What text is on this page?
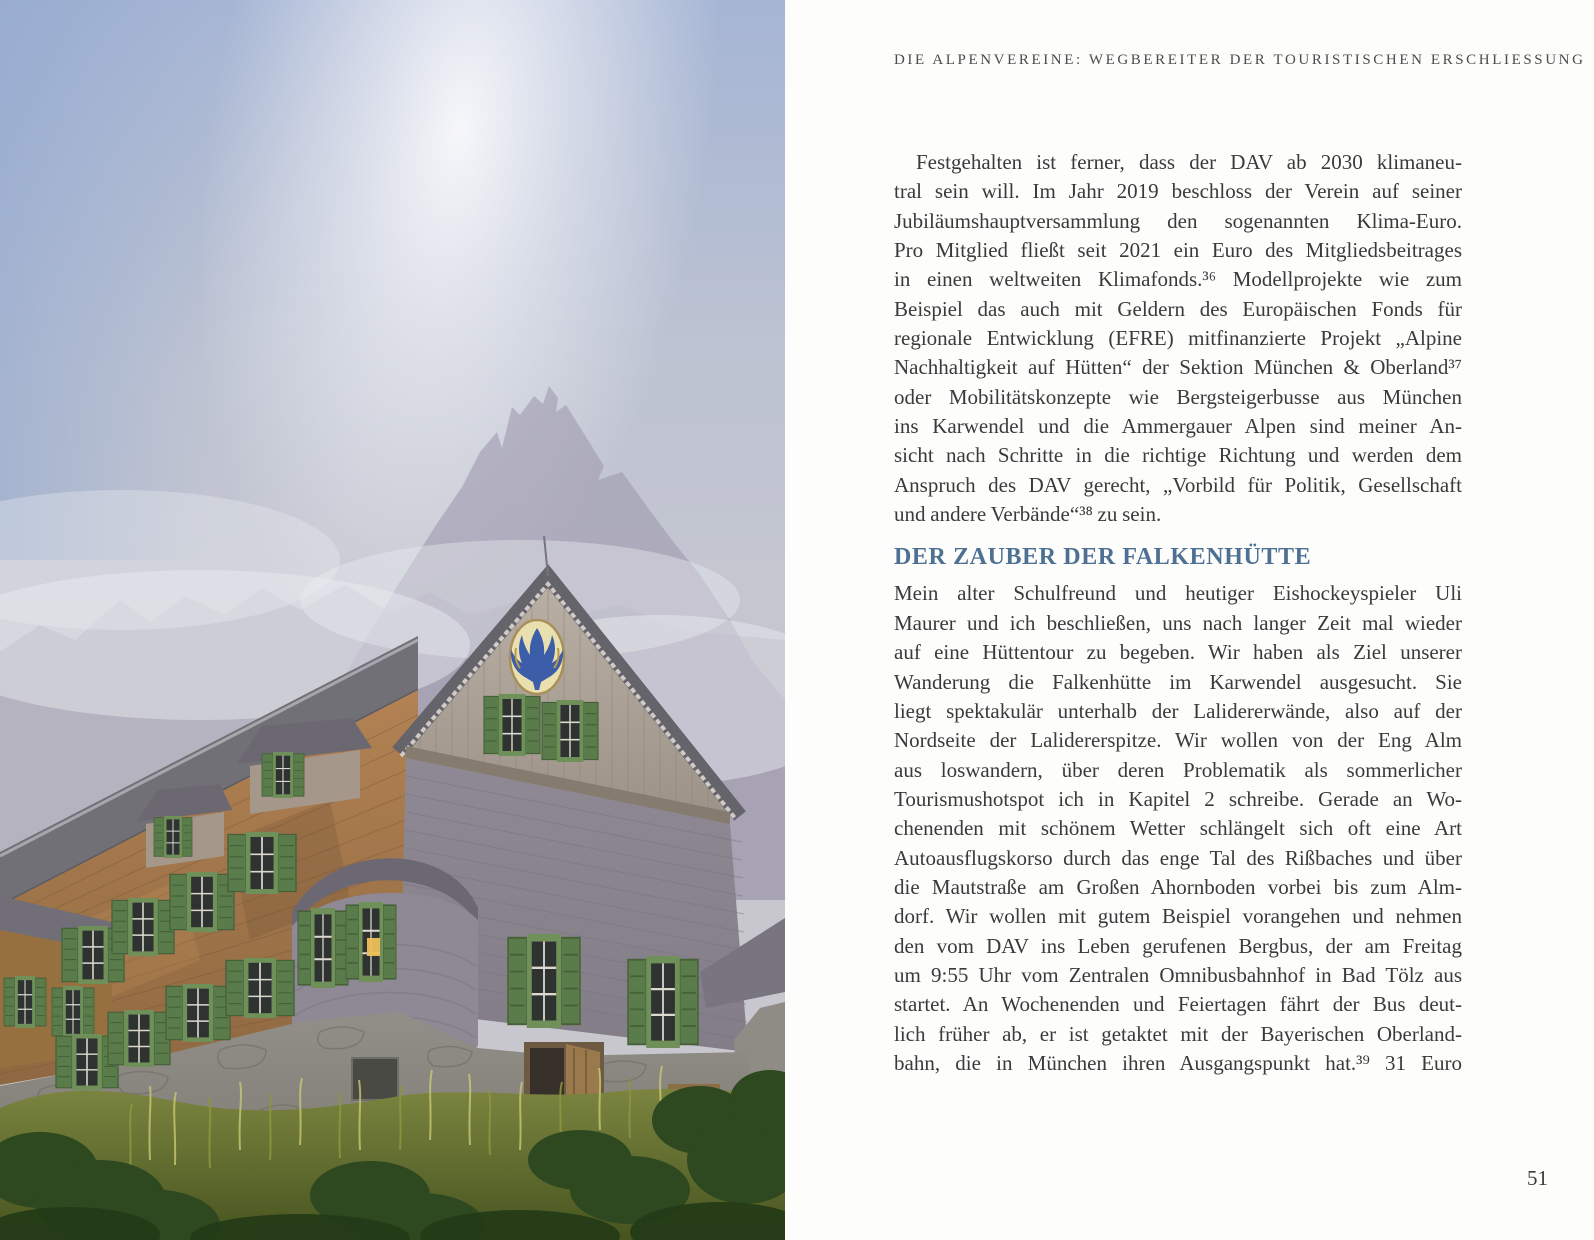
DIE ALPENVEREINE: WEGBEREITER DER TOURISTISCHEN ERSCHLIESSUNG
Festgehalten ist ferner, dass der DAV ab 2030 klimaneu-
tral sein will. Im Jahr 2019 beschloss der Verein auf seiner
Jubiläumshauptversammlung den sogenannten Klima-Euro.
Pro Mitglied fließt seit 2021 ein Euro des Mitgliedsbeitrages
in einen weltweiten Klimafonds.³⁶ Modellprojekte wie zum
Beispiel das auch mit Geldern des Europäischen Fonds für
regionale Entwicklung (EFRE) mitfinanzierte Projekt „Alpine
Nachhaltigkeit auf Hütten“ der Sektion München & Oberland³⁷
oder Mobilitätskonzepte wie Bergsteigerbusse aus München
ins Karwendel und die Ammergauer Alpen sind meiner An-
sicht nach Schritte in die richtige Richtung und werden dem
Anspruch des DAV gerecht, „Vorbild für Politik, Gesellschaft
und andere Verbände“³⁸ zu sein.
DER ZAUBER DER FALKENHÜTTE
Mein alter Schulfreund und heutiger Eishockeyspieler Uli
Maurer und ich beschließen, uns nach langer Zeit mal wieder
auf eine Hüttentour zu begeben. Wir haben als Ziel unserer
Wanderung die Falkenhütte im Karwendel ausgesucht. Sie
liegt spektakulär unterhalb der Lalidererwände, also auf der
Nordseite der Lalidererspitze. Wir wollen von der Eng Alm
aus loswandern, über deren Problematik als sommerlicher
Tourismushotspot ich in Kapitel 2 schreibe. Gerade an Wo-
chenenden mit schönem Wetter schlängelt sich oft eine Art
Autoausflugskorso durch das enge Tal des Rißbaches und über
die Mautstraße am Großen Ahornboden vorbei bis zum Alm-
dorf. Wir wollen mit gutem Beispiel vorangehen und nehmen
den vom DAV ins Leben gerufenen Bergbus, der am Freitag
um 9:55 Uhr vom Zentralen Omnibusbahnhof in Bad Tölz aus
startet. An Wochenenden und Feiertagen fährt der Bus deut-
lich früher ab, er ist getaktet mit der Bayerischen Oberland-
bahn, die in München ihren Ausgangspunkt hat.³⁹ 31 Euro
51
